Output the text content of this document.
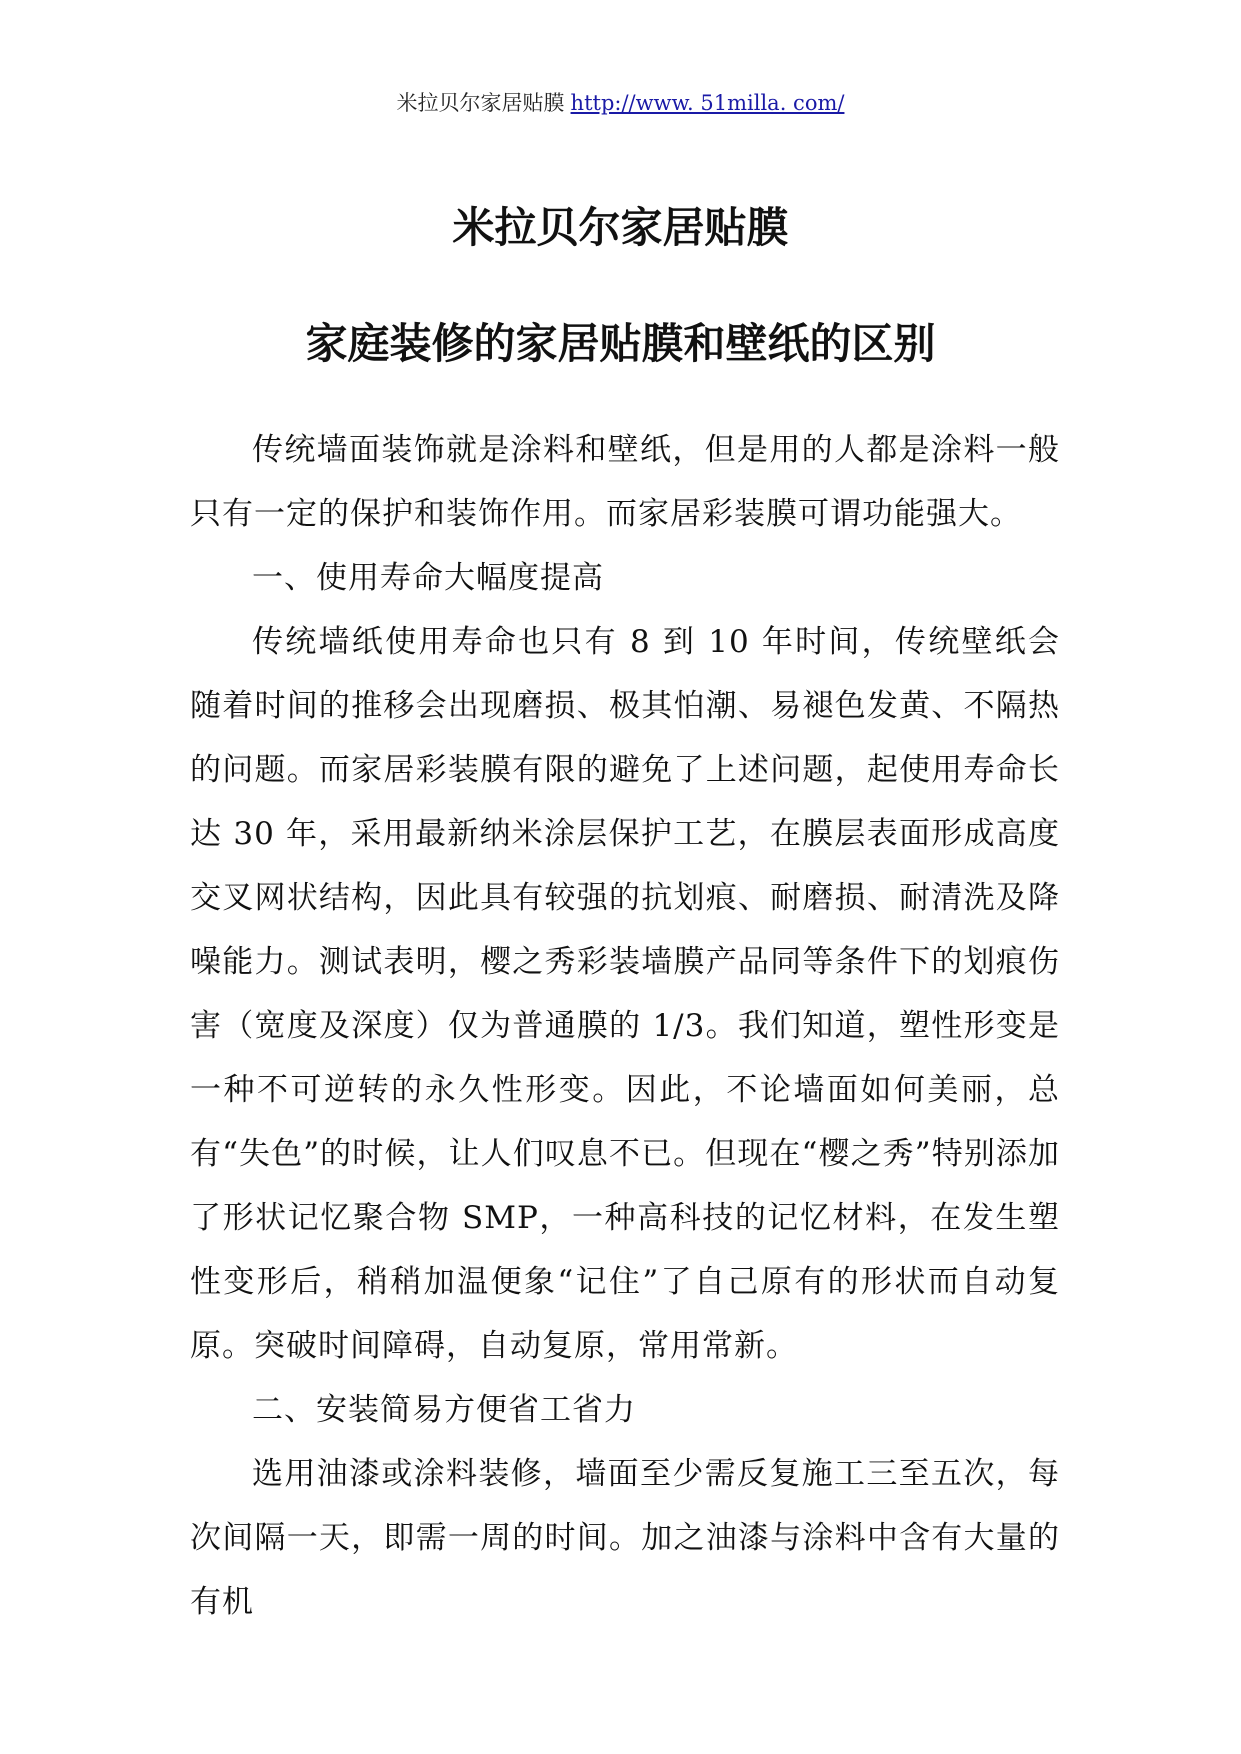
米拉贝尔家居贴膜 http://www. 51milla. com/
米拉贝尔家居贴膜
家庭装修的家居贴膜和壁纸的区别

传统墙面装饰就是涂料和壁纸，但是用的人都是涂料一般只有一定的保护和装饰作用。而家居彩装膜可谓功能强大。

一、使用寿命大幅度提高

传统墙纸使用寿命也只有 8 到 10 年时间，传统壁纸会随着时间的推移会出现磨损、极其怕潮、易褪色发黄、不隔热的问题。而家居彩装膜有限的避免了上述问题，起使用寿命长达 30 年，采用最新纳米涂层保护工艺，在膜层表面形成高度交叉网状结构，因此具有较强的抗划痕、耐磨损、耐清洗及降噪能力。测试表明，樱之秀彩装墙膜产品同等条件下的划痕伤害（宽度及深度）仅为普通膜的 1/3。我们知道，塑性形变是一种不可逆转的永久性形变。因此，不论墙面如何美丽，总有“失色”的时候，让人们叹息不已。但现在“樱之秀”特别添加了形状记忆聚合物 SMP，一种高科技的记忆材料，在发生塑性变形后，稍稍加温便象“记住”了自己原有的形状而自动复原。突破时间障碍，自动复原，常用常新。

二、安装简易方便省工省力

选用油漆或涂料装修，墙面至少需反复施工三至五次，每次间隔一天，即需一周的时间。加之油漆与涂料中含有大量的有机
